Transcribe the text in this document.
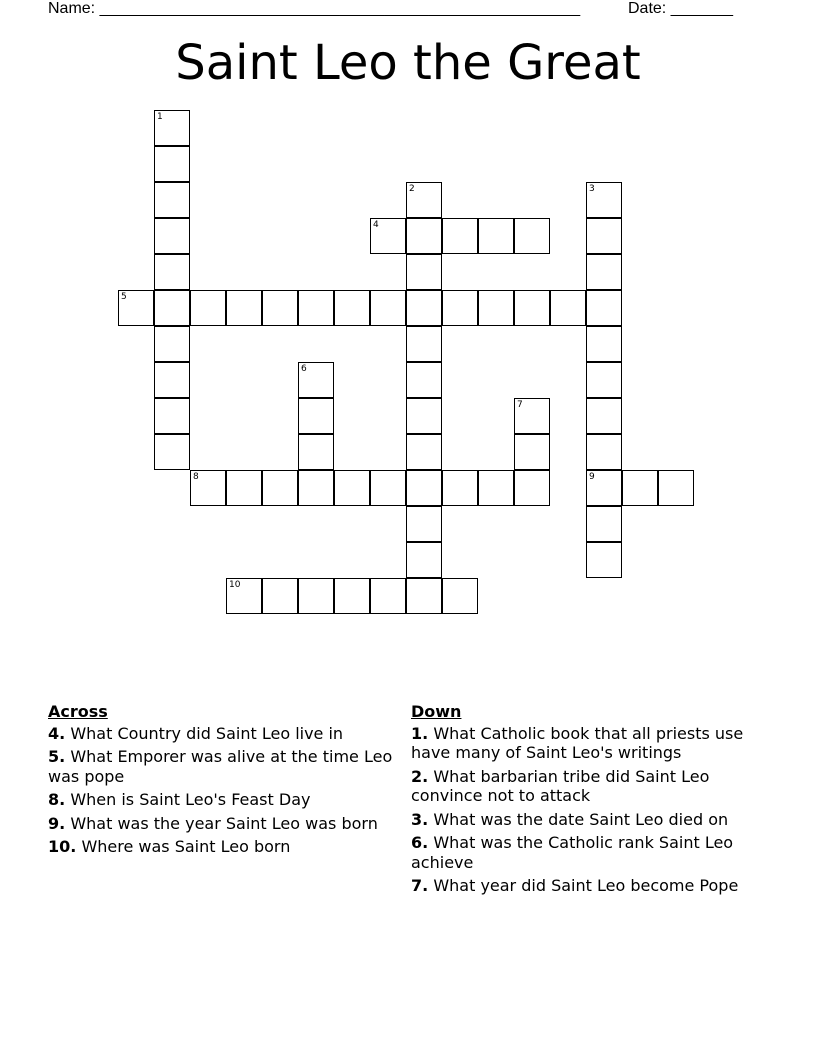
Name: ______________________________________________________	Date: _______
Saint Leo the Great
1
2	3
9
4
5
6
7
8
10
Across
4. What Country did Saint Leo live in
5. What Emporer was alive at the time Leo was pope
8. When is Saint Leo's Feast Day
9. What was the year Saint Leo was born
10. Where was Saint Leo born
Down
1. What Catholic book that all priests use have many of Saint Leo's writings
2. What barbarian tribe did Saint Leo convince not to attack
3. What was the date Saint Leo died on
6. What was the Catholic rank Saint Leo achieve
7. What year did Saint Leo become Pope
